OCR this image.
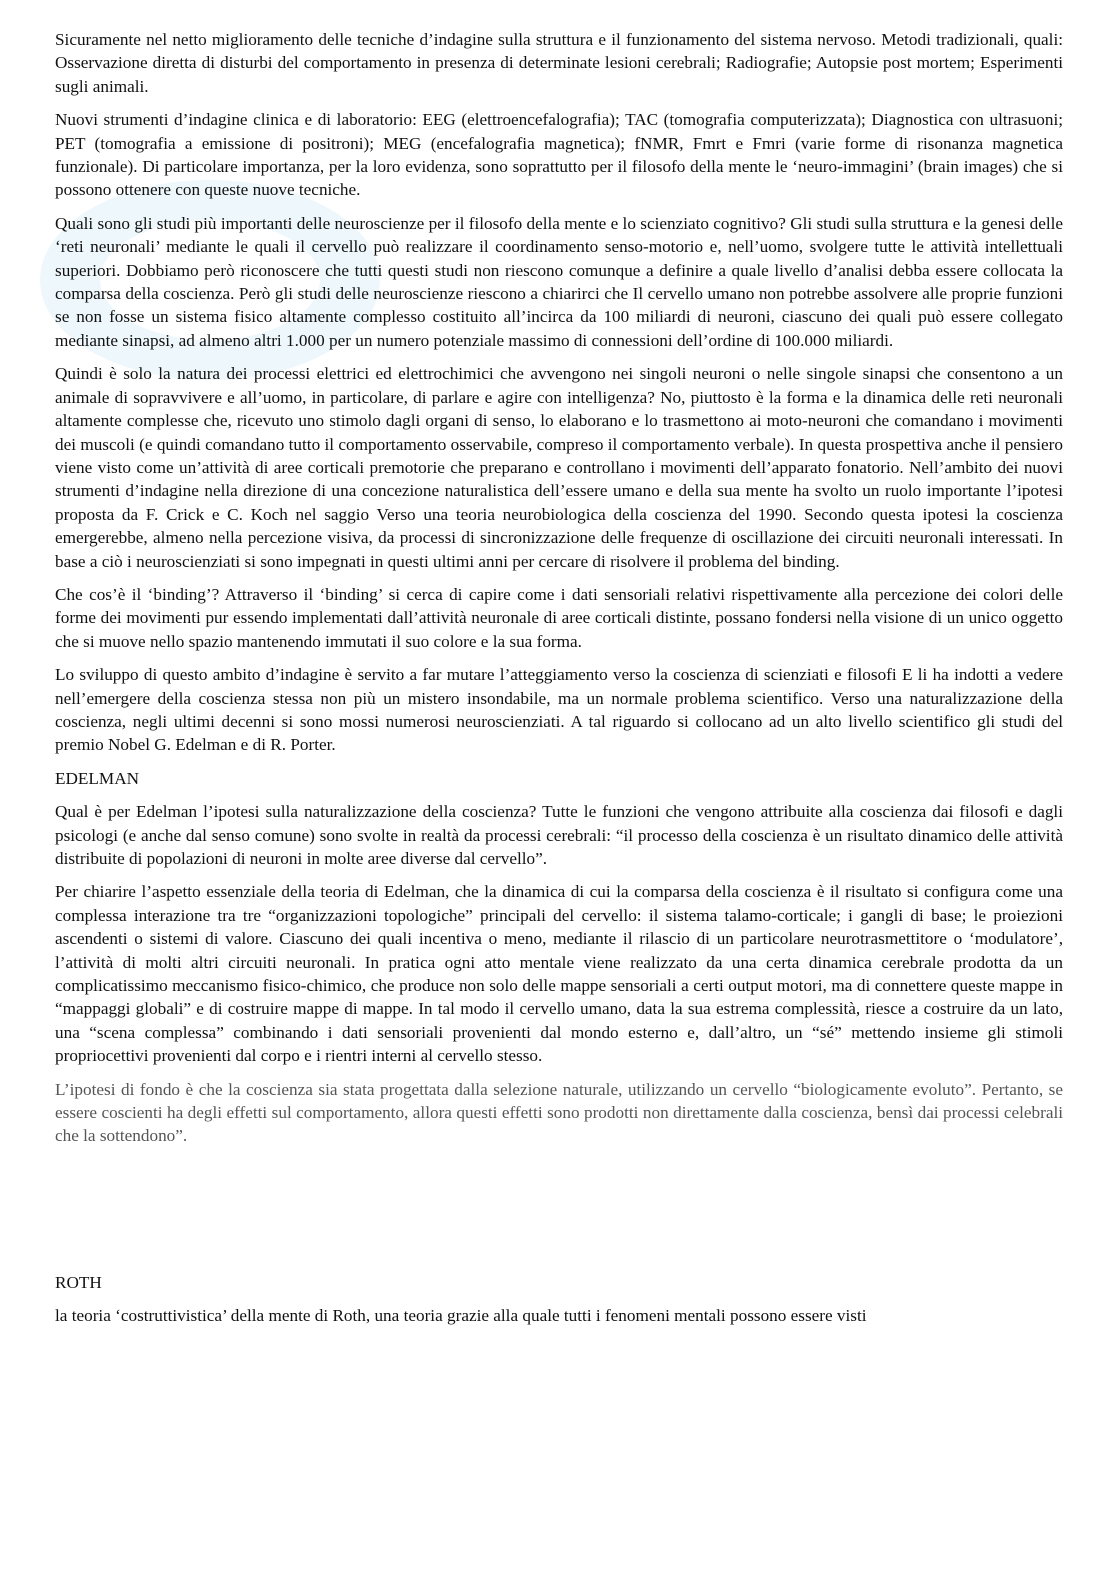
Sicuramente nel netto miglioramento delle tecniche d’indagine sulla struttura e il funzionamento del sistema nervoso. Metodi tradizionali, quali: Osservazione diretta di disturbi del comportamento in presenza di determinate lesioni cerebrali; Radiografie; Autopsie post mortem; Esperimenti sugli animali.

Nuovi strumenti d’indagine clinica e di laboratorio: EEG (elettroencefalografia); TAC (tomografia computerizzata); Diagnostica con ultrasuoni; PET (tomografia a emissione di positroni); MEG (encefalografia magnetica); fNMR, Fmrt e Fmri (varie forme di risonanza magnetica funzionale). Di particolare importanza, per la loro evidenza, sono soprattutto per il filosofo della mente le ‘neuro-immagini’ (brain images) che si possono ottenere con queste nuove tecniche.

Quali sono gli studi più importanti delle neuroscienze per il filosofo della mente e lo scienziato cognitivo? Gli studi sulla struttura e la genesi delle ‘reti neuronali’ mediante le quali il cervello può realizzare il coordinamento senso-motorio e, nell’uomo, svolgere tutte le attività intellettuali superiori. Dobbiamo però riconoscere che tutti questi studi non riescono comunque a definire a quale livello d’analisi debba essere collocata la comparsa della coscienza. Però gli studi delle neuroscienze riescono a chiarirci che Il cervello umano non potrebbe assolvere alle proprie funzioni se non fosse un sistema fisico altamente complesso costituito all’incirca da 100 miliardi di neuroni, ciascuno dei quali può essere collegato mediante sinapsi, ad almeno altri 1.000 per un numero potenziale massimo di connessioni dell’ordine di 100.000 miliardi.

Quindi è solo la natura dei processi elettrici ed elettrochimici che avvengono nei singoli neuroni o nelle singole sinapsi che consentono a un animale di sopravvivere e all’uomo, in particolare, di parlare e agire con intelligenza? No, piuttosto è la forma e la dinamica delle reti neuronali altamente complesse che, ricevuto uno stimolo dagli organi di senso, lo elaborano e lo trasmettono ai moto-neuroni che comandano i movimenti dei muscoli (e quindi comandano tutto il comportamento osservabile, compreso il comportamento verbale). In questa prospettiva anche il pensiero viene visto come un’attività di aree corticali premotorie che preparano e controllano i movimenti dell’apparato fonatorio. Nell’ambito dei nuovi strumenti d’indagine nella direzione di una concezione naturalistica dell’essere umano e della sua mente ha svolto un ruolo importante l’ipotesi proposta da F. Crick e C. Koch nel saggio Verso una teoria neurobiologica della coscienza del 1990. Secondo questa ipotesi la coscienza emergerebbe, almeno nella percezione visiva, da processi di sincronizzazione delle frequenze di oscillazione dei circuiti neuronali interessati. In base a ciò i neuroscienziati si sono impegnati in questi ultimi anni per cercare di risolvere il problema del binding.

Che cos’è il ‘binding’? Attraverso il ‘binding’ si cerca di capire come i dati sensoriali relativi rispettivamente alla percezione dei colori delle forme dei movimenti pur essendo implementati dall’attività neuronale di aree corticali distinte, possano fondersi nella visione di un unico oggetto che si muove nello spazio mantenendo immutati il suo colore e la sua forma.

Lo sviluppo di questo ambito d’indagine è servito a far mutare l’atteggiamento verso la coscienza di scienziati e filosofi E li ha indotti a vedere nell’emergere della coscienza stessa non più un mistero insondabile, ma un normale problema scientifico. Verso una naturalizzazione della coscienza, negli ultimi decenni si sono mossi numerosi neuroscienziati. A tal riguardo si collocano ad un alto livello scientifico gli studi del premio Nobel G. Edelman e di R. Porter.

EDELMAN

Qual è per Edelman l’ipotesi sulla naturalizzazione della coscienza? Tutte le funzioni che vengono attribuite alla coscienza dai filosofi e dagli psicologi (e anche dal senso comune) sono svolte in realtà da processi cerebrali: “il processo della coscienza è un risultato dinamico delle attività distribuite di popolazioni di neuroni in molte aree diverse dal cervello”.

Per chiarire l’aspetto essenziale della teoria di Edelman, che la dinamica di cui la comparsa della coscienza è il risultato si configura come una complessa interazione tra tre “organizzazioni topologiche” principali del cervello: il sistema talamo-corticale; i gangli di base; le proiezioni ascendenti o sistemi di valore. Ciascuno dei quali incentiva o meno, mediante il rilascio di un particolare neurotrasmettitore o ‘modulatore’, l’attività di molti altri circuiti neuronali. In pratica ogni atto mentale viene realizzato da una certa dinamica cerebrale prodotta da un complicatissimo meccanismo fisico-chimico, che produce non solo delle mappe sensoriali a certi output motori, ma di connettere queste mappe in “mappaggi globali” e di costruire mappe di mappe. In tal modo il cervello umano, data la sua estrema complessità, riesce a costruire da un lato, una “scena complessa” combinando i dati sensoriali provenienti dal mondo esterno e, dall’altro, un “sé” mettendo insieme gli stimoli propriocettivi provenienti dal corpo e i rientri interni al cervello stesso.

L’ipotesi di fondo è che la coscienza sia stata progettata dalla selezione naturale, utilizzando un cervello “biologicamente evoluto”. Pertanto, se essere coscienti ha degli effetti sul comportamento, allora questi effetti sono prodotti non direttamente dalla coscienza, bensì dai processi celebrali che la sottendono”.

ROTH

la teoria ‘costruttivistica’ della mente di Roth, una teoria grazie alla quale tutti i fenomeni mentali possono essere visti
